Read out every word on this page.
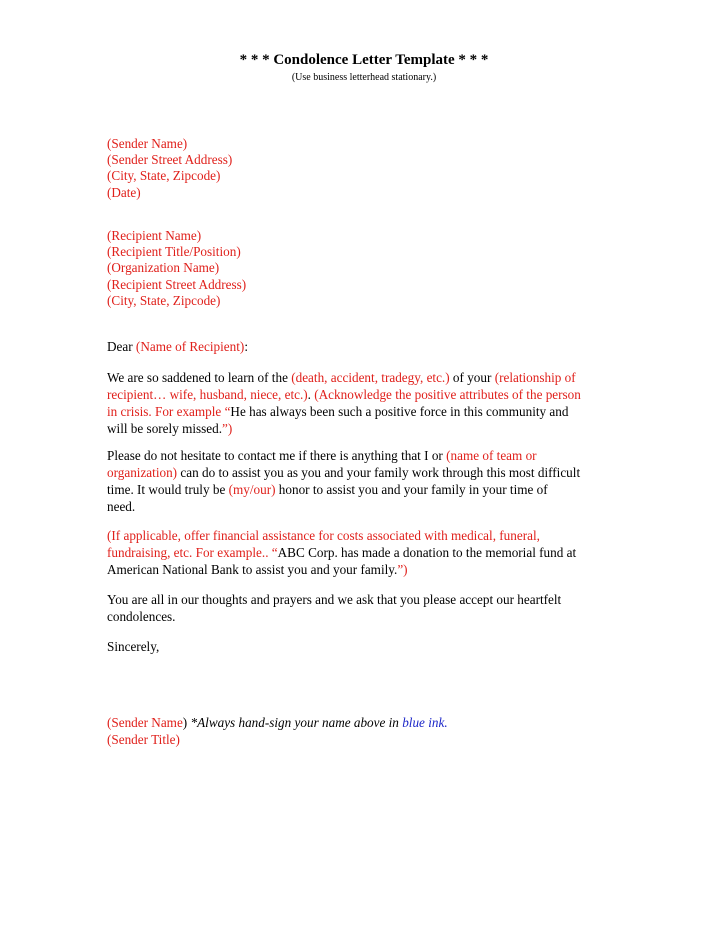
* * * Condolence Letter Template * * *
(Use business letterhead stationary.)
(Sender Name)
(Sender Street Address)
(City, State, Zipcode)
(Date)
(Recipient Name)
(Recipient Title/Position)
(Organization Name)
(Recipient Street Address)
(City, State, Zipcode)
Dear (Name of Recipient):
We are so saddened to learn of the (death, accident, tradegy, etc.) of your (relationship of
recipient… wife, husband, niece, etc.). (Acknowledge the positive attributes of the person
in crisis. For example “He has always been such a positive force in this community and
will be sorely missed.”)
Please do not hesitate to contact me if there is anything that I or (name of team or
organization) can do to assist you as you and your family work through this most difficult
time. It would truly be (my/our) honor to assist you and your family in your time of
need.
(If applicable, offer financial assistance for costs associated with medical, funeral,
fundraising, etc. For example.. “ABC Corp. has made a donation to the memorial fund at
American National Bank to assist you and your family.”)
You are all in our thoughts and prayers and we ask that you please accept our heartfelt
condolences.
Sincerely,
(Sender Name) *Always hand-sign your name above in blue ink.
(Sender Title)
